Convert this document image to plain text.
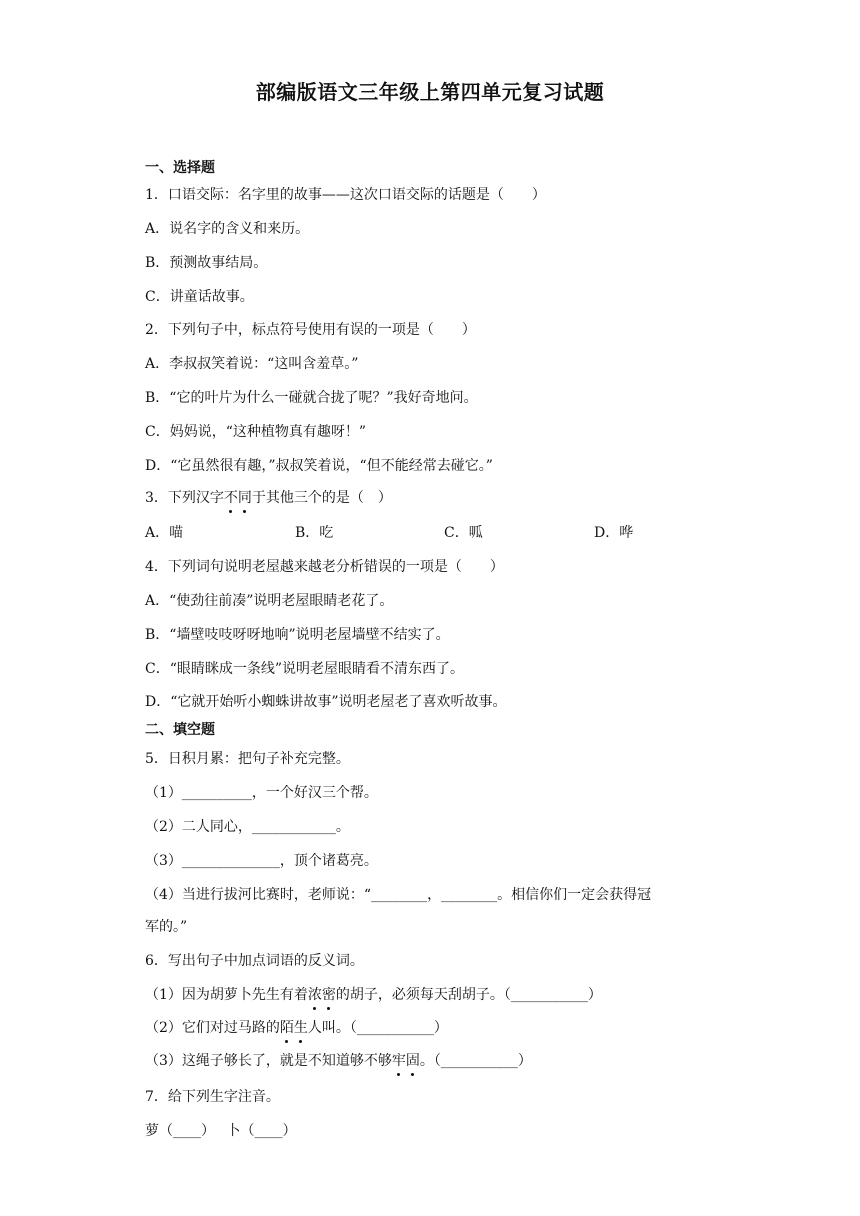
部编版语文三年级上第四单元复习试题
一、选择题
1．口语交际：名字里的故事——这次口语交际的话题是（　　）
A．说名字的含义和来历。
B．预测故事结局。
C．讲童话故事。
2．下列句子中，标点符号使用有误的一项是（　　）
A．李叔叔笑着说：“这叫含羞草。”
B．“它的叶片为什么一碰就合拢了呢？”我好奇地问。
C．妈妈说，“这种植物真有趣呀！”
D．“它虽然很有趣，”叔叔笑着说，“但不能经常去碰它。”
3．下列汉字不同于其他三个的是（　）
A．喵	B．吃	C．呱	D．哗
4．下列词句说明老屋越来越老分析错误的一项是（　　）
A．“使劲往前凑”说明老屋眼睛老花了。
B．“墙壁吱吱呀呀地响”说明老屋墙壁不结实了。
C．“眼睛眯成一条线”说明老屋眼睛看不清东西了。
D．“它就开始听小蜘蛛讲故事”说明老屋老了喜欢听故事。
二、填空题
5．日积月累：把句子补充完整。
（1）__________，一个好汉三个帮。
（2）二人同心，____________。
（3）______________，顶个诸葛亮。
（4）当进行拔河比赛时，老师说：“________，________。相信你们一定会获得冠
军的。”
6．写出句子中加点词语的反义词。
（1）因为胡萝卜先生有着浓密的胡子，必须每天刮胡子。（___________）
（2）它们对过马路的陌生人叫。（___________）
（3）这绳子够长了，就是不知道够不够牢固。（___________）
7．给下列生字注音。
萝（____）　 卜（____）
